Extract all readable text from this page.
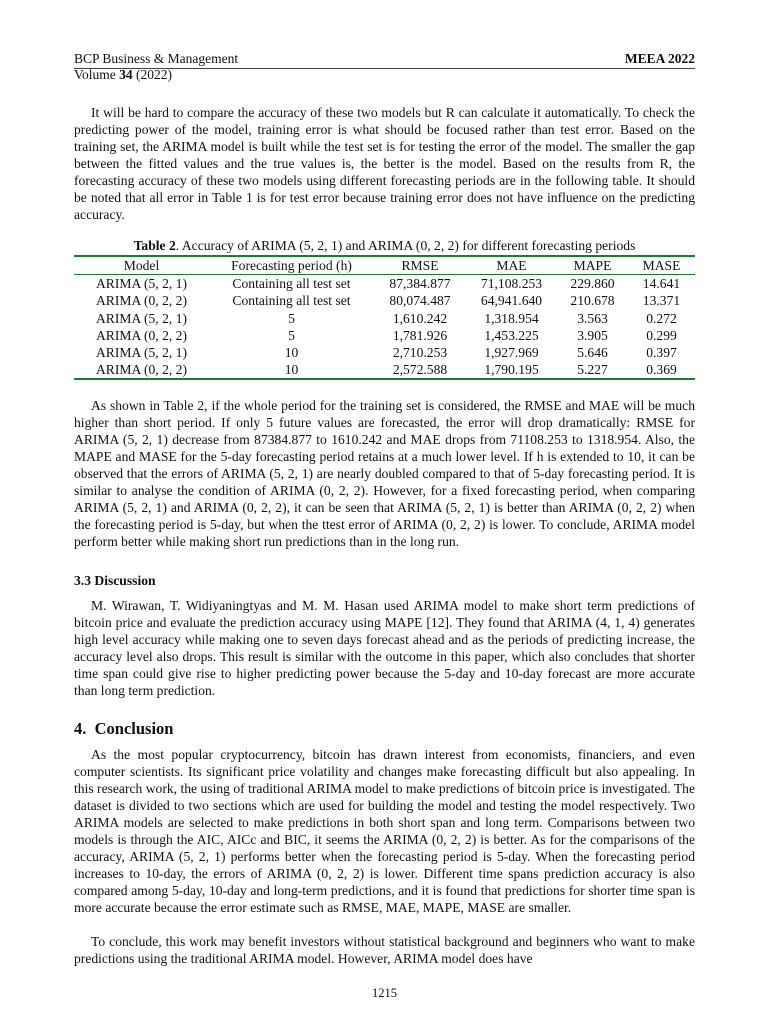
BCP Business & Management	MEEA 2022
Volume 34 (2022)

It will be hard to compare the accuracy of these two models but R can calculate it automatically. To check the predicting power of the model, training error is what should be focused rather than test error. Based on the training set, the ARIMA model is built while the test set is for testing the error of the model. The smaller the gap between the fitted values and the true values is, the better is the model. Based on the results from R, the forecasting accuracy of these two models using different forecasting periods are in the following table. It should be noted that all error in Table 1 is for test error because training error does not have influence on the predicting accuracy.

Table 2. Accuracy of ARIMA (5, 2, 1) and ARIMA (0, 2, 2) for different forecasting periods
Model	Forecasting period (h)	RMSE	MAE	MAPE	MASE
ARIMA (5, 2, 1)	Containing all test set	87,384.877	71,108.253	229.860	14.641
ARIMA (0, 2, 2)	Containing all test set	80,074.487	64,941.640	210.678	13.371
ARIMA (5, 2, 1)	5	1,610.242	1,318.954	3.563	0.272
ARIMA (0, 2, 2)	5	1,781.926	1,453.225	3.905	0.299
ARIMA (5, 2, 1)	10	2,710.253	1,927.969	5.646	0.397
ARIMA (0, 2, 2)	10	2,572.588	1,790.195	5.227	0.369

As shown in Table 2, if the whole period for the training set is considered, the RMSE and MAE will be much higher than short period. If only 5 future values are forecasted, the error will drop dramatically: RMSE for ARIMA (5, 2, 1) decrease from 87384.877 to 1610.242 and MAE drops from 71108.253 to 1318.954. Also, the MAPE and MASE for the 5-day forecasting period retains at a much lower level. If h is extended to 10, it can be observed that the errors of ARIMA (5, 2, 1) are nearly doubled compared to that of 5-day forecasting period. It is similar to analyse the condition of ARIMA (0, 2, 2). However, for a fixed forecasting period, when comparing ARIMA (5, 2, 1) and ARIMA (0, 2, 2), it can be seen that ARIMA (5, 2, 1) is better than ARIMA (0, 2, 2) when the forecasting period is 5-day, but when the ttest error of ARIMA (0, 2, 2) is lower. To conclude, ARIMA model perform better while making short run predictions than in the long run.

3.3 Discussion

M. Wirawan, T. Widiyaningtyas and M. M. Hasan used ARIMA model to make short term predictions of bitcoin price and evaluate the prediction accuracy using MAPE [12]. They found that ARIMA (4, 1, 4) generates high level accuracy while making one to seven days forecast ahead and as the periods of predicting increase, the accuracy level also drops. This result is similar with the outcome in this paper, which also concludes that shorter time span could give rise to higher predicting power because the 5-day and 10-day forecast are more accurate than long term prediction.

4.  Conclusion

As the most popular cryptocurrency, bitcoin has drawn interest from economists, financiers, and even computer scientists. Its significant price volatility and changes make forecasting difficult but also appealing. In this research work, the using of traditional ARIMA model to make predictions of bitcoin price is investigated. The dataset is divided to two sections which are used for building the model and testing the model respectively. Two ARIMA models are selected to make predictions in both short span and long term. Comparisons between two models is through the AIC, AICc and BIC, it seems the ARIMA (0, 2, 2) is better. As for the comparisons of the accuracy, ARIMA (5, 2, 1) performs better when the forecasting period is 5-day. When the forecasting period increases to 10-day, the errors of ARIMA (0, 2, 2) is lower. Different time spans prediction accuracy is also compared among 5-day, 10-day and long-term predictions, and it is found that predictions for shorter time span is more accurate because the error estimate such as RMSE, MAE, MAPE, MASE are smaller.

To conclude, this work may benefit investors without statistical background and beginners who want to make predictions using the traditional ARIMA model. However, ARIMA model does have

1215
